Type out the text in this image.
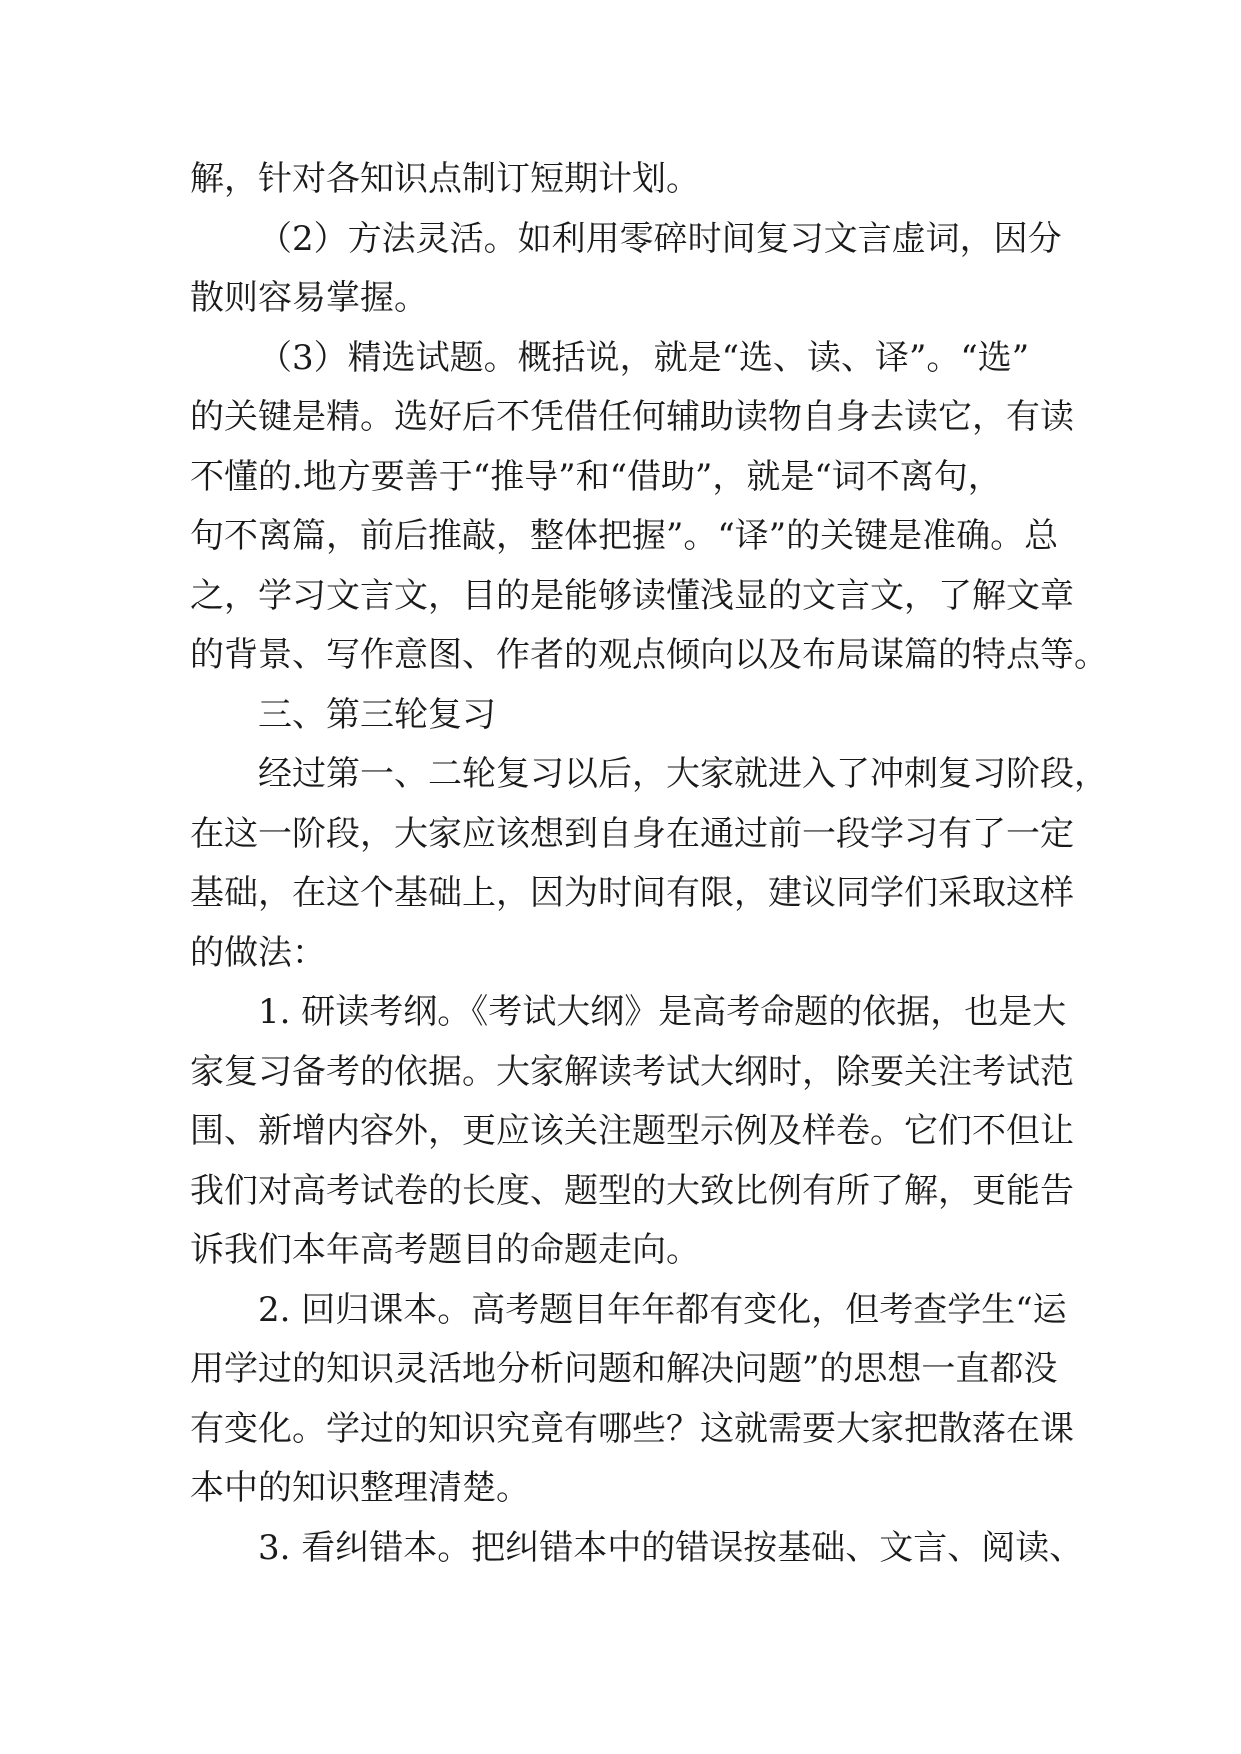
解，针对各知识点制订短期计划。
（2）方法灵活。如利用零碎时间复习文言虚词，因分
散则容易掌握。
（3）精选试题。概括说，就是“选、读、译”。“选”
的关键是精。选好后不凭借任何辅助读物自身去读它，有读
不懂的.地方要善于“推导”和“借助”，就是“词不离句，
句不离篇，前后推敲，整体把握”。“译”的关键是准确。总
之，学习文言文，目的是能够读懂浅显的文言文，了解文章
的背景、写作意图、作者的观点倾向以及布局谋篇的特点等。
三、第三轮复习
经过第一、二轮复习以后，大家就进入了冲刺复习阶段，
在这一阶段，大家应该想到自身在通过前一段学习有了一定
基础，在这个基础上，因为时间有限，建议同学们采取这样
的做法：
1. 研读考纲。《考试大纲》是高考命题的依据，也是大
家复习备考的依据。大家解读考试大纲时，除要关注考试范
围、新增内容外，更应该关注题型示例及样卷。它们不但让
我们对高考试卷的长度、题型的大致比例有所了解，更能告
诉我们本年高考题目的命题走向。
2. 回归课本。高考题目年年都有变化，但考查学生“运
用学过的知识灵活地分析问题和解决问题”的思想一直都没
有变化。学过的知识究竟有哪些？这就需要大家把散落在课
本中的知识整理清楚。
3. 看纠错本。把纠错本中的错误按基础、文言、阅读、
